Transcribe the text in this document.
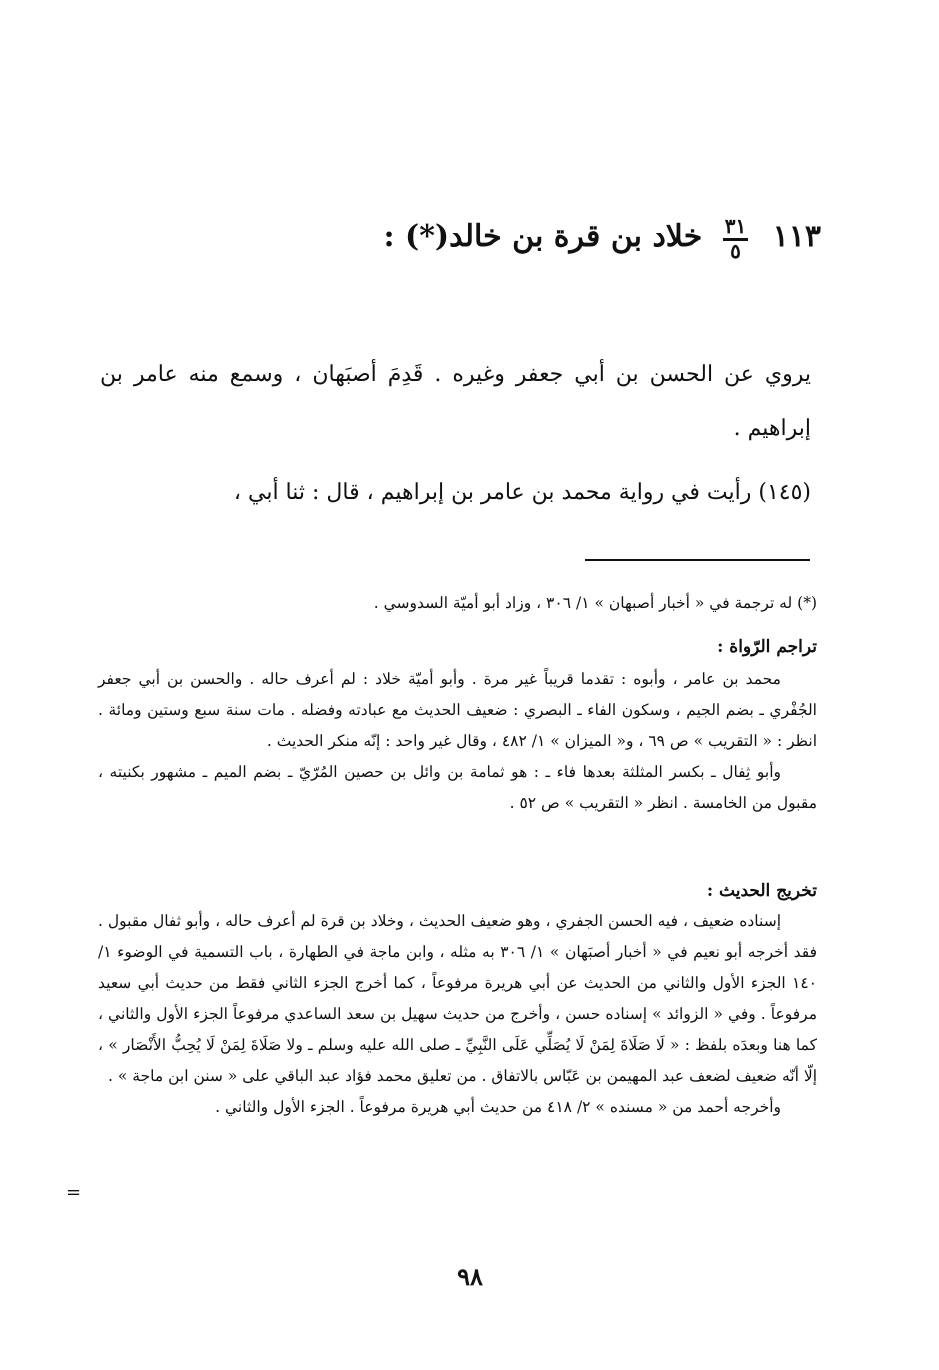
١١٣
$\frac{٣١}{٥}$
خلاد بن قرة بن خالد(*) :

يروي عن الحسن بن أبي جعفر وغيره . قَدِمَ أصبَهان ، وسمع منه عامر بن إبراهيم .

(١٤٥) رأيت في رواية محمد بن عامر بن إبراهيم ، قال : ثنا أبي ،

(*) له ترجمة في « أخبار أصبهان » ١/ ٣٠٦ ، وزاد أبو أميّة السدوسي .

تراجم الرّواة :

محمد بن عامر ، وأبوه : تقدما قريباً غير مرة . وأبو أميّة خلاد : لم أعرف حاله . والحسن بن أبي جعفر الجُفْري ـ بضم الجيم ، وسكون الفاء ـ البصري : ضعيف الحديث مع عبادته وفضله . مات سنة سبع وستين ومائة . انظر : « التقريب » ص ٦٩ ، و« الميزان » ١/ ٤٨٢ ، وقال غير واحد : إنّه منكر الحديث .

وأبو ثِفال ـ بكسر المثلثة بعدها فاء ـ : هو ثمامة بن وائل بن حصين المُرّيّ ـ بضم الميم ـ مشهور بكنيته ، مقبول من الخامسة . انظر « التقريب » ص ٥٢ .

تخريج الحديث :

إسناده ضعيف ، فيه الحسن الجفري ، وهو ضعيف الحديث ، وخلاد بن قرة لم أعرف حاله ، وأبو ثفال مقبول . فقد أخرجه أبو نعيم في « أخبار أصبَهان » ١/ ٣٠٦ به مثله ، وابن ماجة في الطهارة ، باب التسمية في الوضوء ١/ ١٤٠ الجزء الأول والثاني من الحديث عن أبي هريرة مرفوعاً ، كما أخرج الجزء الثاني فقط من حديث أبي سعيد مرفوعاً . وفي « الزوائد » إسناده حسن ، وأخرج من حديث سهيل بن سعد الساعدي مرفوعاً الجزء الأول والثاني ، كما هنا وبعدَه بلفظ : « لَا صَلَاةَ لِمَنْ لَا يُصَلِّي عَلَى النَّبِيِّ ـ صلى الله عليه وسلم ـ ولا صَلَاةَ لِمَنْ لَا يُحِبُّ الأَنْصَار » ، إلّا أنّه ضعيف لضعف عبد المهيمن بن عَبّاس بالاتفاق . من تعليق محمد فؤاد عبد الباقي على « سنن ابن ماجة » .

وأخرجه أحمد من « مسنده » ٢/ ٤١٨ من حديث أبي هريرة مرفوعاً . الجزء الأول والثاني .

=
٩٨
